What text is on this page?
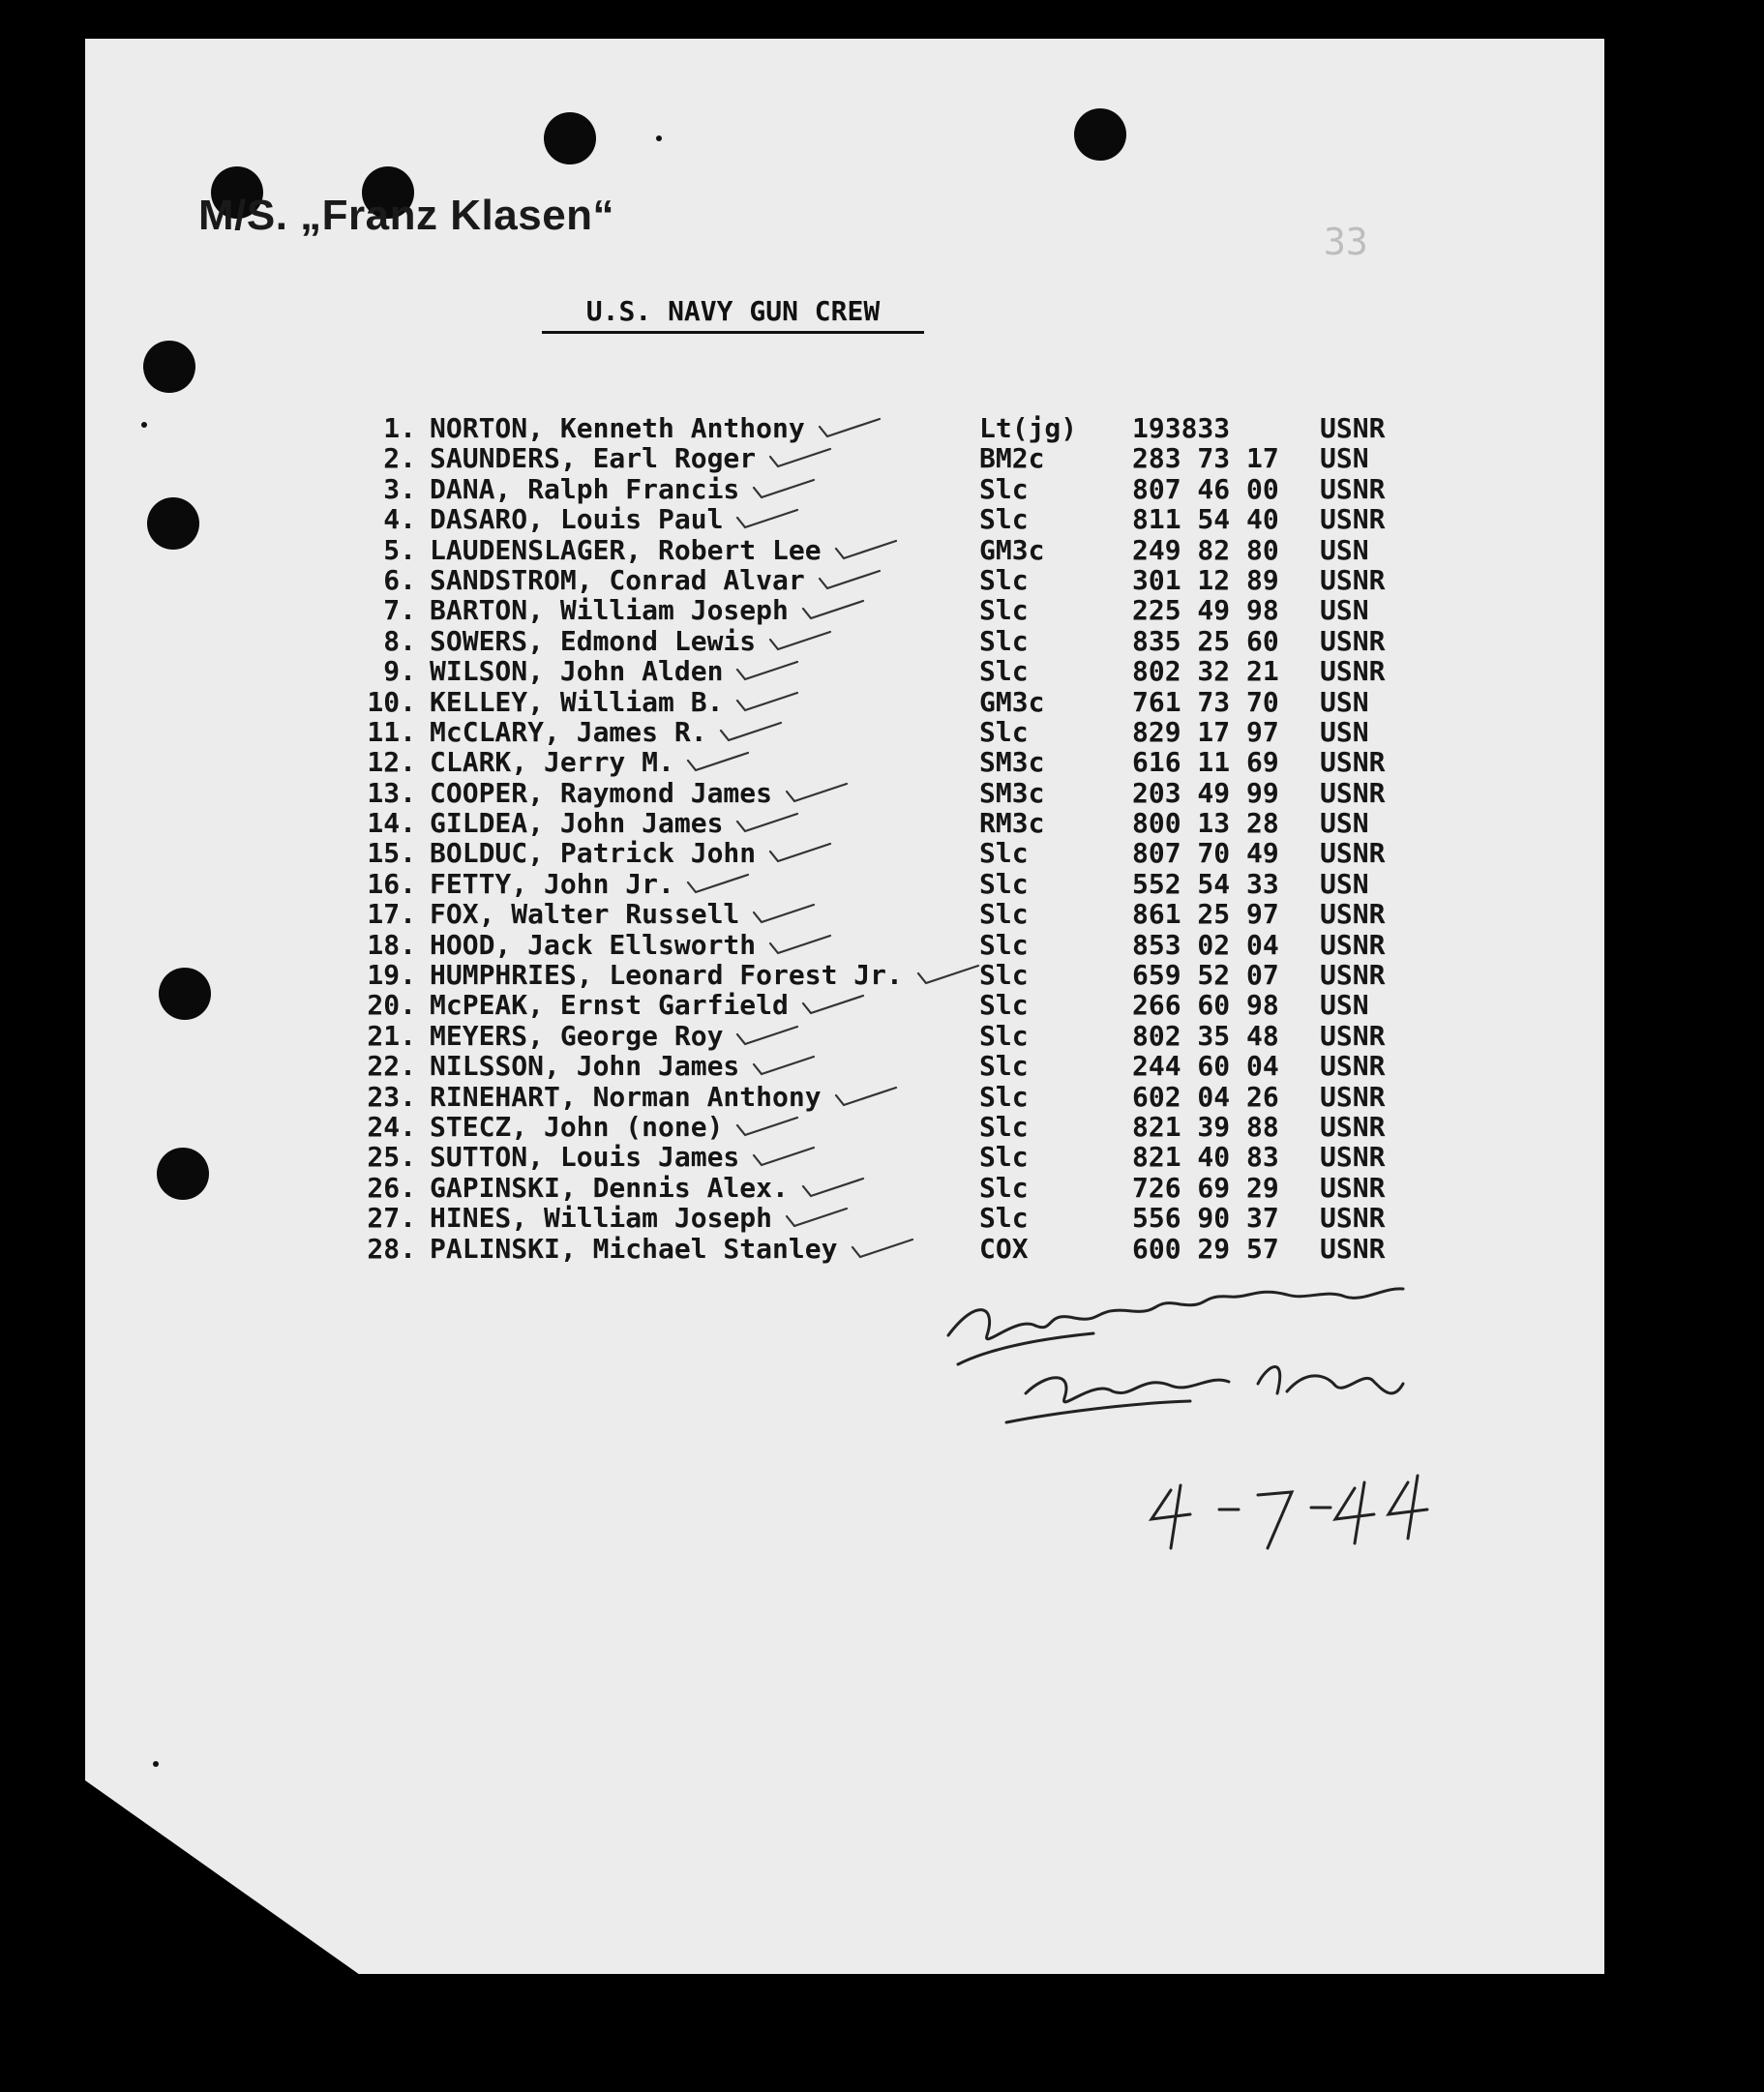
M/S. „Franz Klasen“
33
U.S. NAVY GUN CREW
1. NORTON, Kenneth Anthony	Lt(jg) 193833	USNR
2. SAUNDERS, Earl Roger	BM2c	283 73 17 USN
3. DANA, Ralph Francis	Slc	807 46 00 USNR
4. DASARO, Louis Paul	Slc	811 54 40 USNR
5. LAUDENSLAGER, Robert Lee	GM3c	249 82 80 USN
6. SANDSTROM, Conrad Alvar	Slc	301 12 89 USNR
7. BARTON, William Joseph	Slc	225 49 98 USN
8. SOWERS, Edmond Lewis	Slc	835 25 60 USNR
9. WILSON, John Alden	Slc	802 32 21 USNR
10. KELLEY, William B.	GM3c	761 73 70 USN
11. McCLARY, James R.	Slc	829 17 97 USN
12. CLARK, Jerry M.	SM3c	616 11 69 USNR
13. COOPER, Raymond James	SM3c	203 49 99 USNR
14. GILDEA, John James	RM3c	800 13 28 USN
15. BOLDUC, Patrick John	Slc	807 70 49 USNR
16. FETTY, John Jr.	Slc	552 54 33 USN
17. FOX, Walter Russell	Slc	861 25 97 USNR
18. HOOD, Jack Ellsworth	Slc	853 02 04 USNR
19. HUMPHRIES, Leonard Forest Jr.	Slc	659 52 07 USNR
20. McPEAK, Ernst Garfield	Slc	266 60 98 USN
21. MEYERS, George Roy	Slc	802 35 48 USNR
22. NILSSON, John James	Slc	244 60 04 USNR
23. RINEHART, Norman Anthony	Slc	602 04 26 USNR
24. STECZ, John (none)	Slc	821 39 88 USNR
25. SUTTON, Louis James	Slc	821 40 83 USNR
26. GAPINSKI, Dennis Alex.	Slc	726 69 29 USNR
27. HINES, William Joseph	Slc	556 90 37 USNR
28. PALINSKI, Michael Stanley	COX	600 29 57 USNR
